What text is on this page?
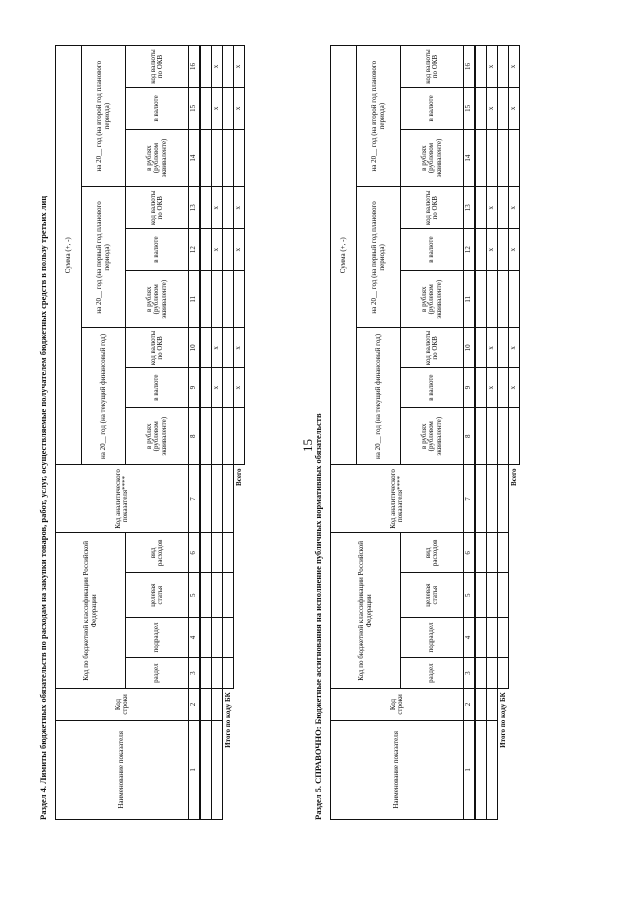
15
Раздел 4. Лимиты бюджетных обязательств по расходам на закупки товаров, работ, услуг, осуществляемые получателем бюджетных средств в пользу третьих лиц	Наименование показателя	Код строки	Код по бюджетной классификации Российской Федерации				Код аналитического показателя****	Сумма (+, -)								
							на 20__ год (на текущий финансовый год)			на 20__ год (на первый год планового периода)			на 20__ год (на второй год планового периода)		
		раздел	подраздел	целевая статья	вид расходов		в рублях (рублевом эквиваленте)	в валюте	код валюты по ОКВ	в рублях (рублевом эквиваленте)	в валюте	код валюты по ОКВ	в рублях (рублевом эквиваленте)	в валюте	код валюты по ОКВ

1	2	3	4	5	6	7	8	9	10	11	12	13	14	15	16

								x	x		x	x		x	x
Итого по коду БК															
Всего								x	x		x	x		x	x
Раздел 5. СПРАВОЧНО: Бюджетные ассигнования на исполнение публичных нормативных обязательств	Наименование показателя	Код строки	Код по бюджетной классификации Российской Федерации				Код аналитического показателя****	Сумма (+, -)								
							на 20__ год (на текущий финансовый год)			на 20__ год (на первый год планового периода)			на 20__ год (на второй год планового периода)		
		раздел	подраздел	целевая статья	вид расходов		в рублях (рублевом эквиваленте)	в валюте	код валюты по ОКВ	в рублях (рублевом эквиваленте)	в валюте	код валюты по ОКВ	в рублях (рублевом эквиваленте)	в валюте	код валюты по ОКВ

1	2	3	4	5	6	7	8	9	10	11	12	13	14	15	16

								x	x		x	x		x	x
Итого по коду БК															
Всего								x	x		x	x		x	x
